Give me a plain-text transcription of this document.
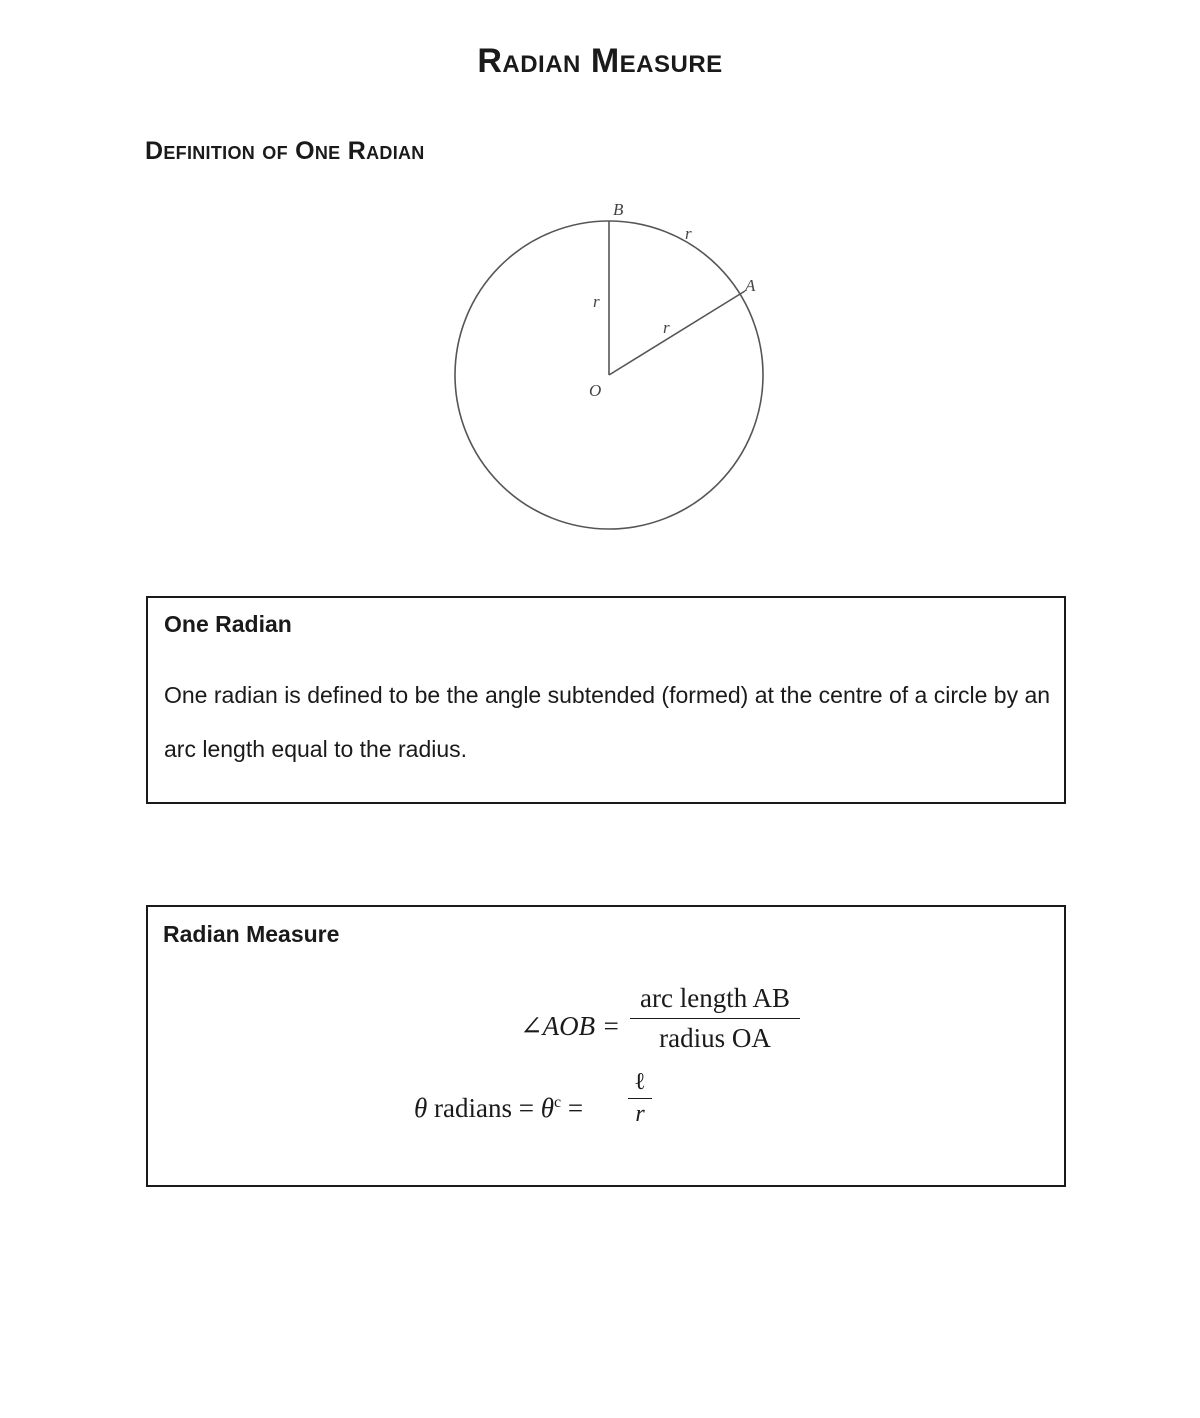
Radian Measure
Definition of One Radian
B
A
O
r
r
r
One Radian
One radian is defined to be the angle subtended (formed) at the centre of a circle by an arc length equal to the radius.
Radian Measure
∠AOB =
arc length AB
radius OA
θ radians = $\theta^c$ =
ℓ
r
